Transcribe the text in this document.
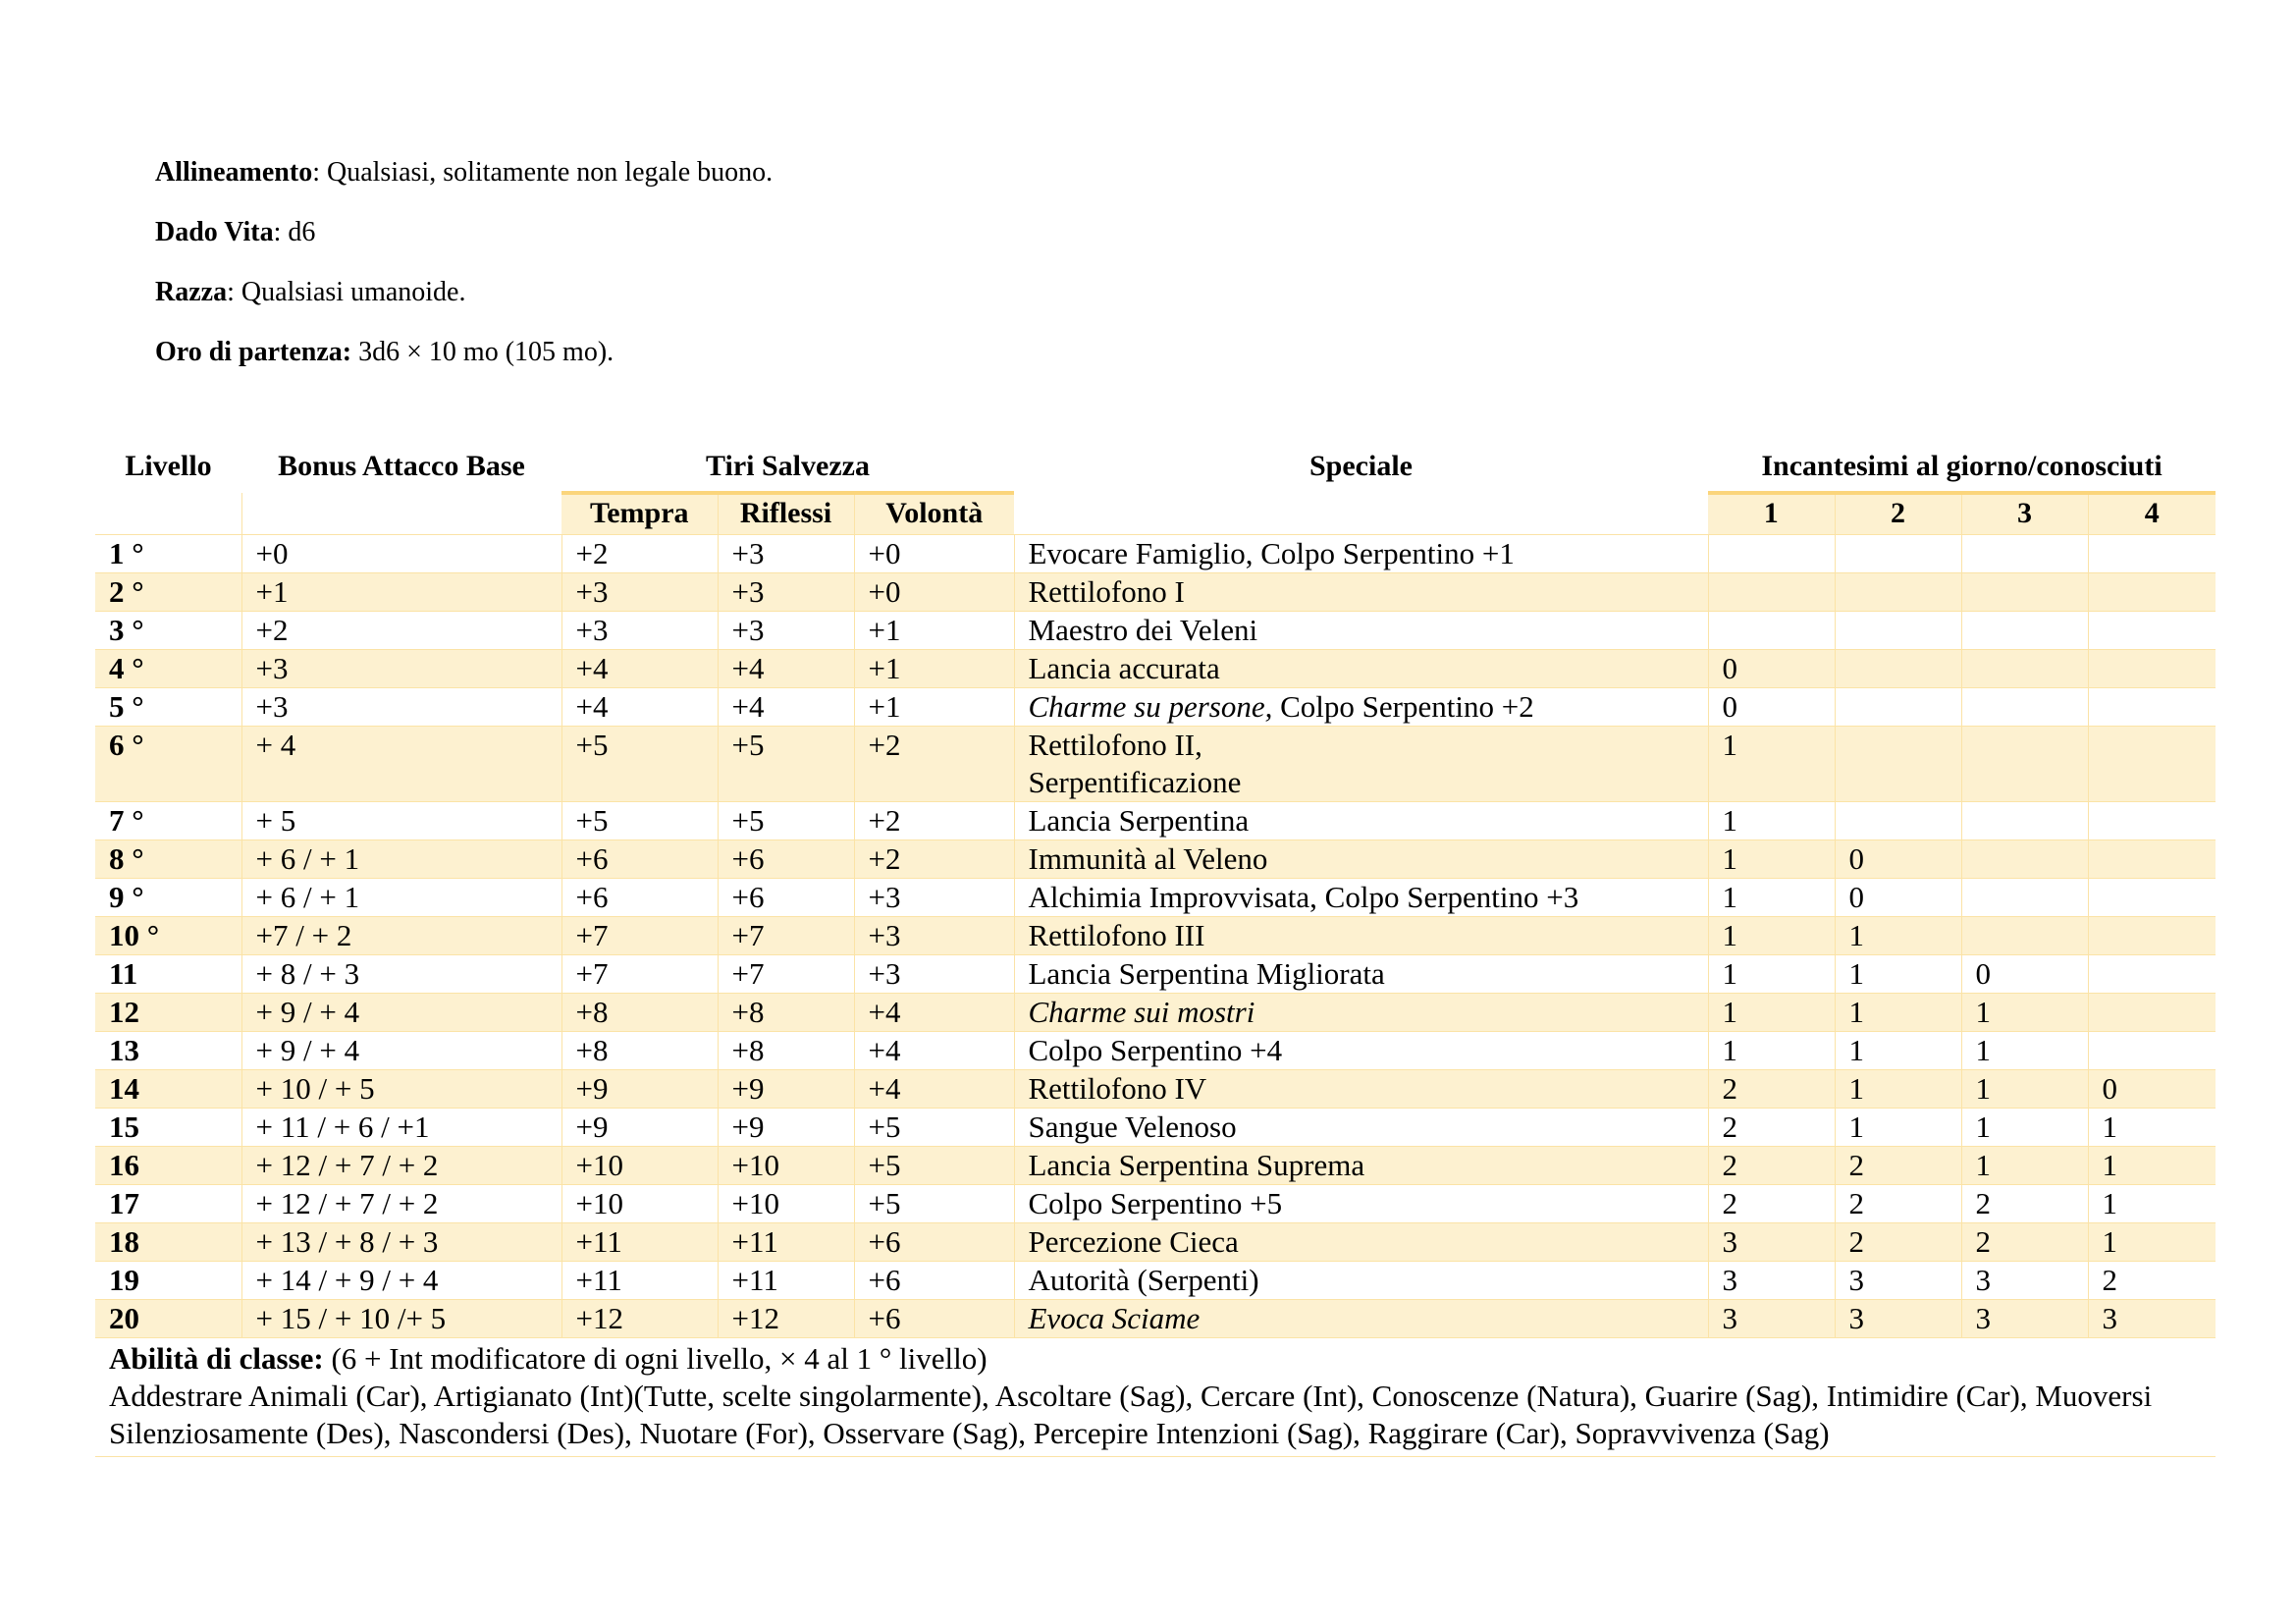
Allineamento: Qualsiasi, solitamente non legale buono.
Dado Vita: d6
Razza: Qualsiasi umanoide.
Oro di partenza: 3d6 × 10 mo (105 mo).
Livello	Bonus Attacco Base	Tiri Salvezza			Speciale	Incantesimi al giorno/conosciuti			
		Tempra	Riflessi	Volontà		1	2	3	4
1 °	+0	+2	+3	+0	Evocare Famiglio, Colpo Serpentino +1				
2 °	+1	+3	+3	+0	Rettilofono I				
3 °	+2	+3	+3	+1	Maestro dei Veleni				
4 °	+3	+4	+4	+1	Lancia accurata	0			
5 °	+3	+4	+4	+1	Charme su persone, Colpo Serpentino +2	0			
6 °	+ 4	+5	+5	+2	Rettilofono II,
Serpentificazione	1			
7 °	+ 5	+5	+5	+2	Lancia Serpentina	1			
8 °	+ 6 / + 1	+6	+6	+2	Immunità al Veleno	1	0		
9 °	+ 6 / + 1	+6	+6	+3	Alchimia Improvvisata, Colpo Serpentino +3	1	0		
10 °	+7 / + 2	+7	+7	+3	Rettilofono III	1	1		
11	+ 8 / + 3	+7	+7	+3	Lancia Serpentina Migliorata	1	1	0	
12	+ 9 / + 4	+8	+8	+4	Charme sui mostri	1	1	1	
13	+ 9 / + 4	+8	+8	+4	Colpo Serpentino +4	1	1	1	
14	+ 10 / + 5	+9	+9	+4	Rettilofono IV	2	1	1	0
15	+ 11 / + 6 / +1	+9	+9	+5	Sangue Velenoso	2	1	1	1
16	+ 12 / + 7 / + 2	+10	+10	+5	Lancia Serpentina Suprema	2	2	1	1
17	+ 12 / + 7 / + 2	+10	+10	+5	Colpo Serpentino +5	2	2	2	1
18	+ 13 / + 8 / + 3	+11	+11	+6	Percezione Cieca	3	2	2	1
19	+ 14 / + 9 / + 4	+11	+11	+6	Autorità (Serpenti)	3	3	3	2
20	+ 15 / + 10 /+ 5	+12	+12	+6	Evoca Sciame	3	3	3	3
Abilità di classe: (6 + Int modificatore di ogni livello, × 4 al 1 ° livello)
Addestrare Animali (Car), Artigianato (Int)(Tutte, scelte singolarmente), Ascoltare (Sag), Cercare (Int), Conoscenze (Natura), Guarire (Sag), Intimidire (Car), Muoversi Silenziosamente (Des), Nascondersi (Des), Nuotare (For), Osservare (Sag), Percepire Intenzioni (Sag), Raggirare (Car), Sopravvivenza (Sag)									
